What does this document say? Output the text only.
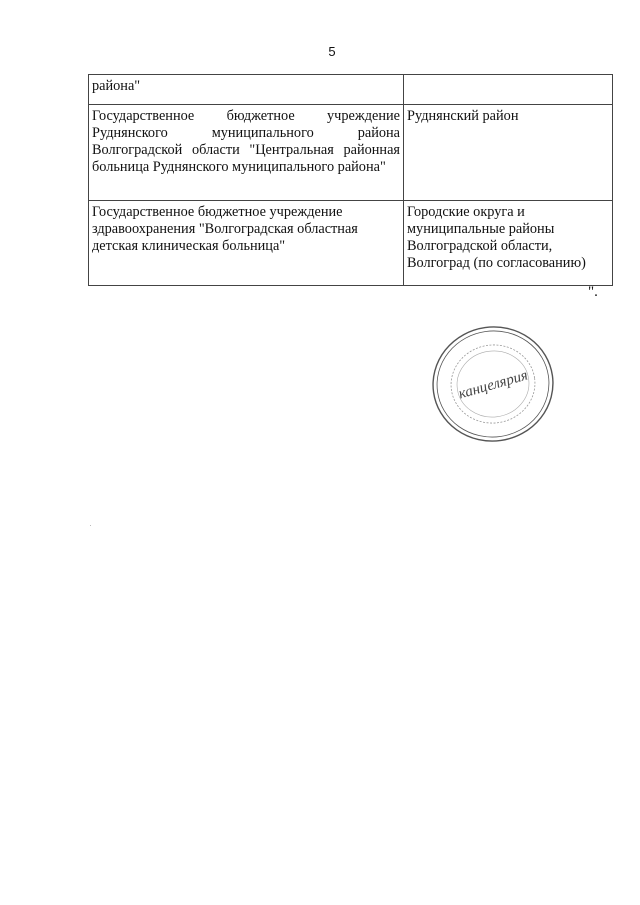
5
района"	
Государственное бюджетное учреждение Руднянского муниципального района Волгоградской области "Центральная районная больница Руднянского муниципального района"	Руднянский район
Государственное бюджетное учреждение здравоохранения "Волгоградская областная детская клиническая больница"	Городские округа и муниципальные районы Волгоградской области, Волгоград (по согласованию)
".
канцелярия
